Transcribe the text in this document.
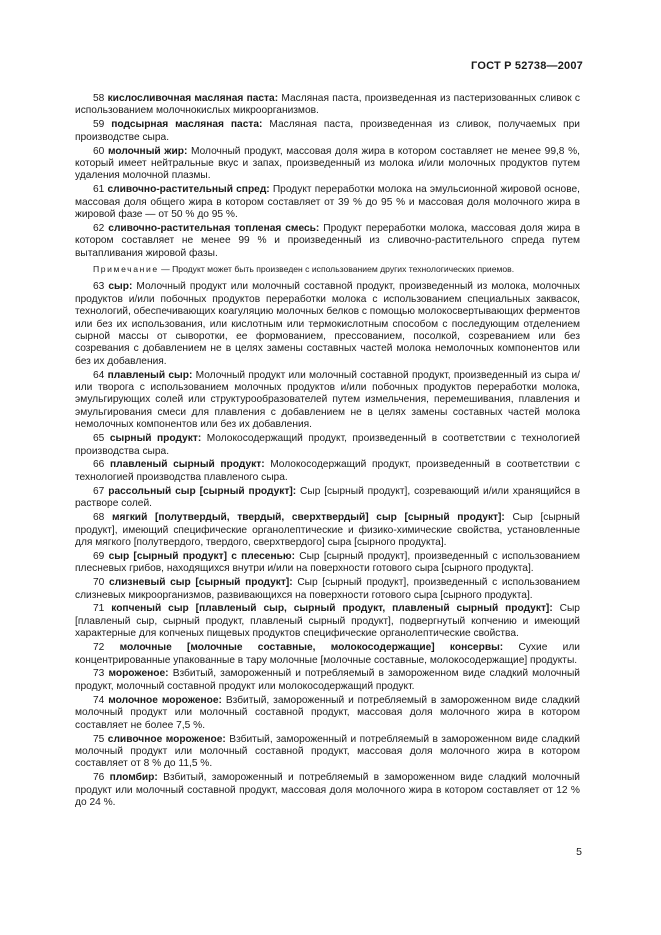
ГОСТ Р 52738—2007

58 кислосливочная масляная паста: Масляная паста, произведенная из пастеризованных сливок с использованием молочнокислых микроорганизмов.

59 подсырная масляная паста: Масляная паста, произведенная из сливок, получаемых при производстве сыра.

60 молочный жир: Молочный продукт, массовая доля жира в котором составляет не менее 99,8 %, который имеет нейтральные вкус и запах, произведенный из молока и/или молочных продуктов путем удаления молочной плазмы.

61 сливочно-растительный спред: Продукт переработки молока на эмульсионной жировой основе, массовая доля общего жира в котором составляет от 39 % до 95 % и массовая доля молочного жира в жировой фазе — от 50 % до 95 %.

62 сливочно-растительная топленая смесь: Продукт переработки молока, массовая доля жира в котором составляет не менее 99 % и произведенный из сливочно-растительного спреда путем вытапливания жировой фазы.

Примечание — Продукт может быть произведен с использованием других технологических приемов.

63 сыр: Молочный продукт или молочный составной продукт, произведенный из молока, молочных продуктов и/или побочных продуктов переработки молока с использованием специальных заквасок, технологий, обеспечивающих коагуляцию молочных белков с помощью молокосвертывающих ферментов или без их использования, или кислотным или термокислотным способом с последующим отделением сырной массы от сыворотки, ее формованием, прессованием, посолкой, созреванием или без созревания с добавлением не в целях замены составных частей молока немолочных компонентов или без их добавления.

64 плавленый сыр: Молочный продукт или молочный составной продукт, произведенный из сыра и/или творога с использованием молочных продуктов и/или побочных продуктов переработки молока, эмульгирующих солей или структурообразователей путем измельчения, перемешивания, плавления и эмульгирования смеси для плавления с добавлением не в целях замены составных частей молока немолочных компонентов или без их добавления.

65 сырный продукт: Молокосодержащий продукт, произведенный в соответствии с технологией производства сыра.

66 плавленый сырный продукт: Молокосодержащий продукт, произведенный в соответствии с технологией производства плавленого сыра.

67 рассольный сыр [сырный продукт]: Сыр [сырный продукт], созревающий и/или хранящийся в растворе солей.

68 мягкий [полутвердый, твердый, сверхтвердый] сыр [сырный продукт]: Сыр [сырный продукт], имеющий специфические органолептические и физико-химические свойства, установленные для мягкого [полутвердого, твердого, сверхтвердого] сыра [сырного продукта].

69 сыр [сырный продукт] с плесенью: Сыр [сырный продукт], произведенный с использованием плесневых грибов, находящихся внутри и/или на поверхности готового сыра [сырного продукта].

70 слизневый сыр [сырный продукт]: Сыр [сырный продукт], произведенный с использованием слизневых микроорганизмов, развивающихся на поверхности готового сыра [сырного продукта].

71 копченый сыр [плавленый сыр, сырный продукт, плавленый сырный продукт]: Сыр [плавленый сыр, сырный продукт, плавленый сырный продукт], подвергнутый копчению и имеющий характерные для копченых пищевых продуктов специфические органолептические свойства.

72 молочные [молочные составные, молокосодержащие] консервы: Сухие или концентрированные упакованные в тару молочные [молочные составные, молокосодержащие] продукты.

73 мороженое: Взбитый, замороженный и потребляемый в замороженном виде сладкий молочный продукт, молочный составной продукт или молокосодержащий продукт.

74 молочное мороженое: Взбитый, замороженный и потребляемый в замороженном виде сладкий молочный продукт или молочный составной продукт, массовая доля молочного жира в котором составляет не более 7,5 %.

75 сливочное мороженое: Взбитый, замороженный и потребляемый в замороженном виде сладкий молочный продукт или молочный составной продукт, массовая доля молочного жира в котором составляет от 8 % до 11,5 %.

76 пломбир: Взбитый, замороженный и потребляемый в замороженном виде сладкий молочный продукт или молочный составной продукт, массовая доля молочного жира в котором составляет от 12 % до 24 %.

5
